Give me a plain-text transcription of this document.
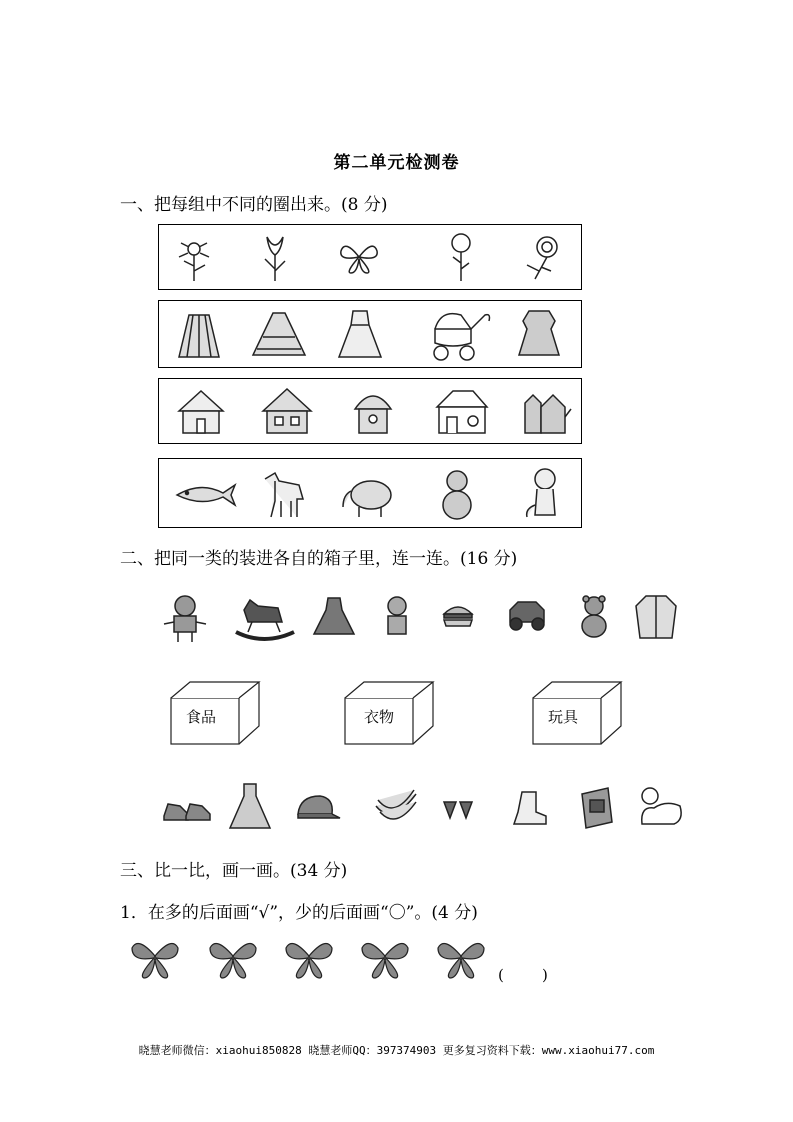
第二单元检测卷
一、把每组中不同的圈出来。(8 分)
二、把同一类的装进各自的箱子里，连一连。(16 分)
食品	衣物	玩具
三、比一比，画一画。(34 分)
1．在多的后面画“√”，少的后面画“〇”。(4 分)
(        )
晓慧老师微信：xiaohui850828 晓慧老师QQ：397374903 更多复习资料下载：www.xiaohui77.com
